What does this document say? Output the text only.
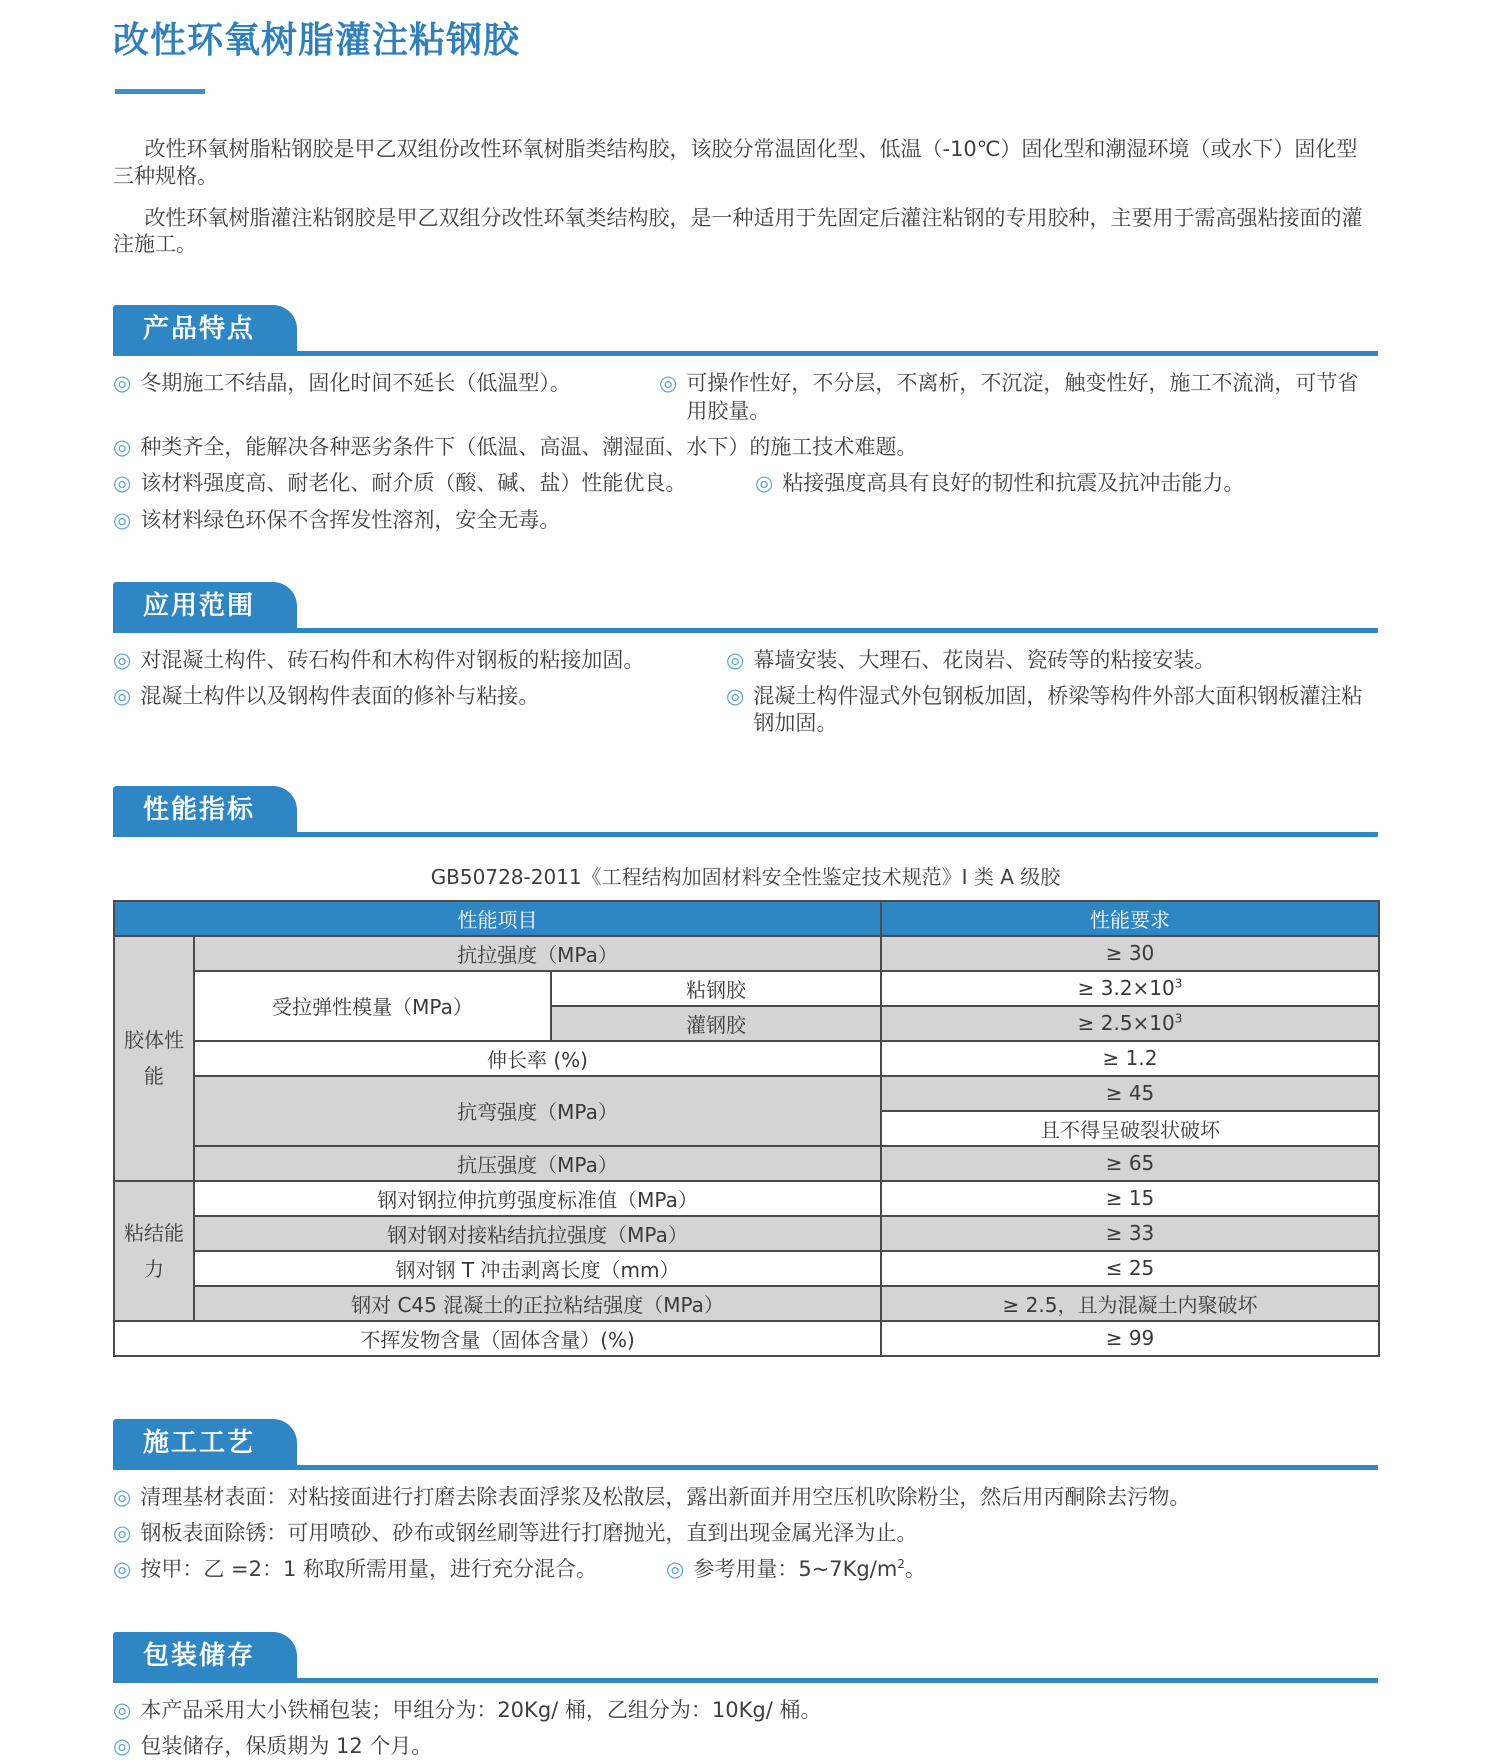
改性环氧树脂灌注粘钢胶

改性环氧树脂粘钢胶是甲乙双组份改性环氧树脂类结构胶，该胶分常温固化型、低温（-10℃）固化型和潮湿环境（或水下）固化型三种规格。

改性环氧树脂灌注粘钢胶是甲乙双组分改性环氧类结构胶，是一种适用于先固定后灌注粘钢的专用胶种，主要用于需高强粘接面的灌注施工。

产品特点
◎ 冬期施工不结晶，固化时间不延长（低温型）。	◎ 可操作性好，不分层，不离析，不沉淀，触变性好，施工不流淌，可节省用胶量。
◎ 种类齐全，能解决各种恶劣条件下（低温、高温、潮湿面、水下）的施工技术难题。
◎ 该材料强度高、耐老化、耐介质（酸、碱、盐）性能优良。	◎ 粘接强度高具有良好的韧性和抗震及抗冲击能力。
◎ 该材料绿色环保不含挥发性溶剂，安全无毒。
应用范围
◎ 对混凝土构件、砖石构件和木构件对钢板的粘接加固。	◎ 幕墙安装、大理石、花岗岩、瓷砖等的粘接安装。
◎ 混凝土构件以及钢构件表面的修补与粘接。	◎ 混凝土构件湿式外包钢板加固，桥梁等构件外部大面积钢板灌注粘钢加固。
性能指标
GB50728-2011《工程结构加固材料安全性鉴定技术规范》I 类 A 级胶
性能项目			性能要求
胶体性能	抗拉强度（MPa）		≥ 30
	受拉弹性模量（MPa）	粘钢胶	≥ $3.2\times 10^3$
		灌钢胶	≥ $2.5\times 10^3$
	伸长率 (%)		≥ 1.2
	抗弯强度（MPa）		≥ 45
			且不得呈破裂状破坏
	抗压强度（MPa）		≥ 65
粘结能力	钢对钢拉伸抗剪强度标准值（MPa）		≥ 15
	钢对钢对接粘结抗拉强度（MPa）		≥ 33
	钢对钢 T 冲击剥离长度（mm）		≤ 25
	钢对 C45 混凝土的正拉粘结强度（MPa）		≥ 2.5，且为混凝土内聚破坏
不挥发物含量（固体含量）(%)			≥ 99
施工工艺
◎ 清理基材表面：对粘接面进行打磨去除表面浮浆及松散层，露出新面并用空压机吹除粉尘，然后用丙酮除去污物。
◎ 钢板表面除锈：可用喷砂、砂布或钢丝刷等进行打磨抛光，直到出现金属光泽为止。
◎ 按甲：乙 =2：1 称取所需用量，进行充分混合。	◎ 参考用量：$5\sim 7Kg/m^2$。
包装储存
◎ 本产品采用大小铁桶包装；甲组分为：20Kg/ 桶，乙组分为：10Kg/ 桶。
◎ 包装储存，保质期为 12 个月。
